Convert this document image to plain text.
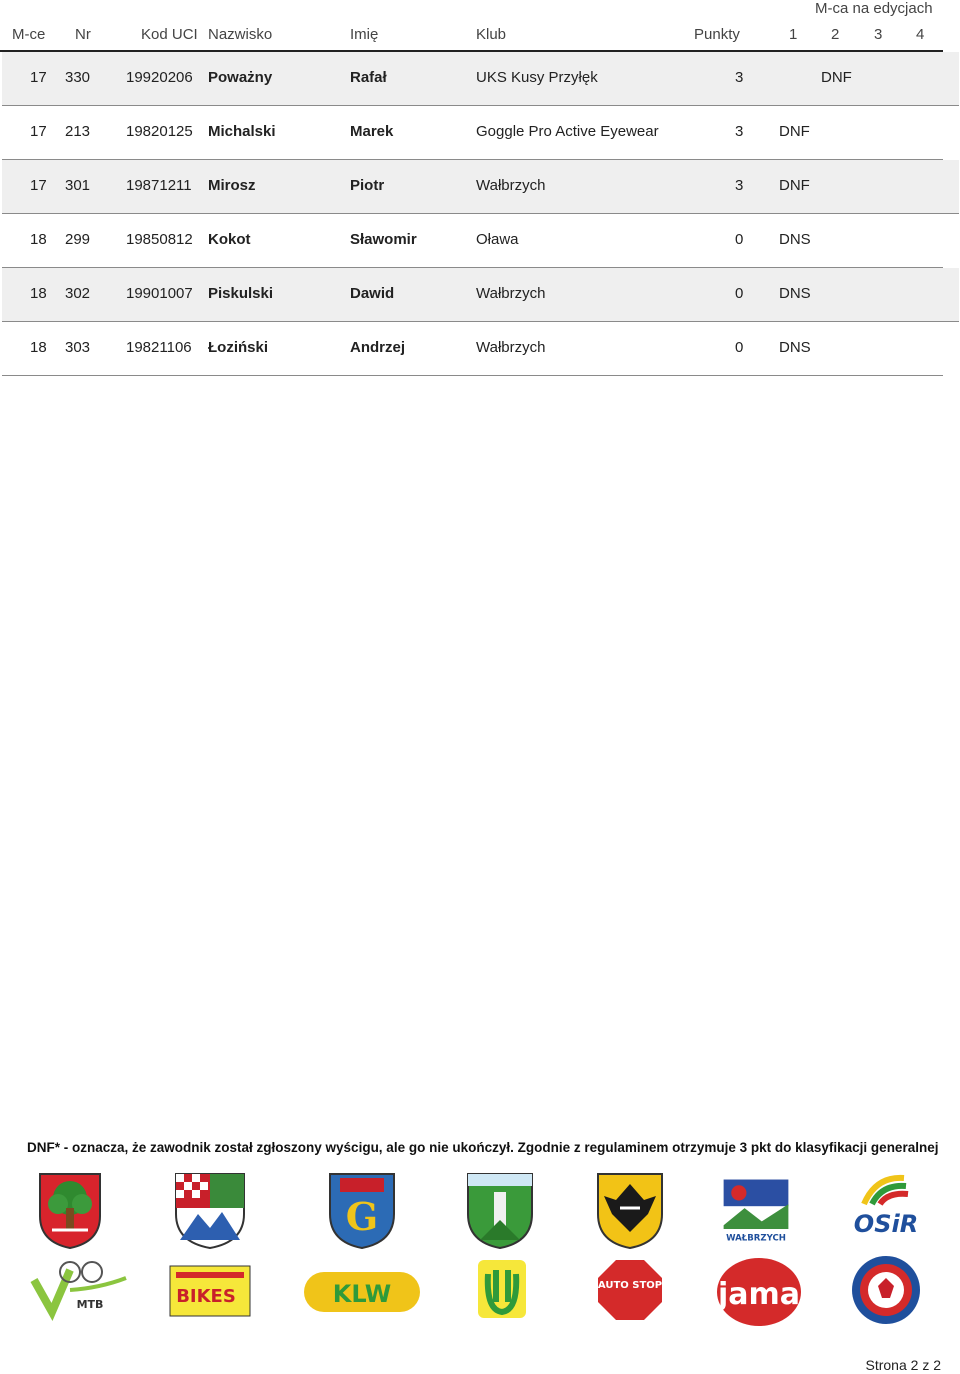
M-ca na edycjach
M-ce Nr	Kod UCI Nazwisko	Imię	Klub	Punkty	1 2 3 4
17 330 19920206 Poważny	Rafał	UKS Kusy Przyłęk	3	DNF
17 213 19820125 Michalski	Marek	Goggle Pro Active Eyewear	3 DNF
17 301 19871211 Mirosz	Piotr	Wałbrzych	3 DNF
18 299 19850812 Kokot	Sławomir	Oława	0 DNS
18 302 19901007 Piskulski	Dawid	Wałbrzych	0 DNS
18 303 19821106 Łoziński	Andrzej	Wałbrzych	0 DNS
DNF* - oznacza, że zawodnik został zgłoszony wyścigu, ale go nie ukończył. Zgodnie z regulaminem otrzymuje 3 pkt do klasyfikacji generalnej
G	WAŁBRZYCH
OSiR
MTB	BIKES	KLW	AUTO STOP jama
Strona 2 z 2
